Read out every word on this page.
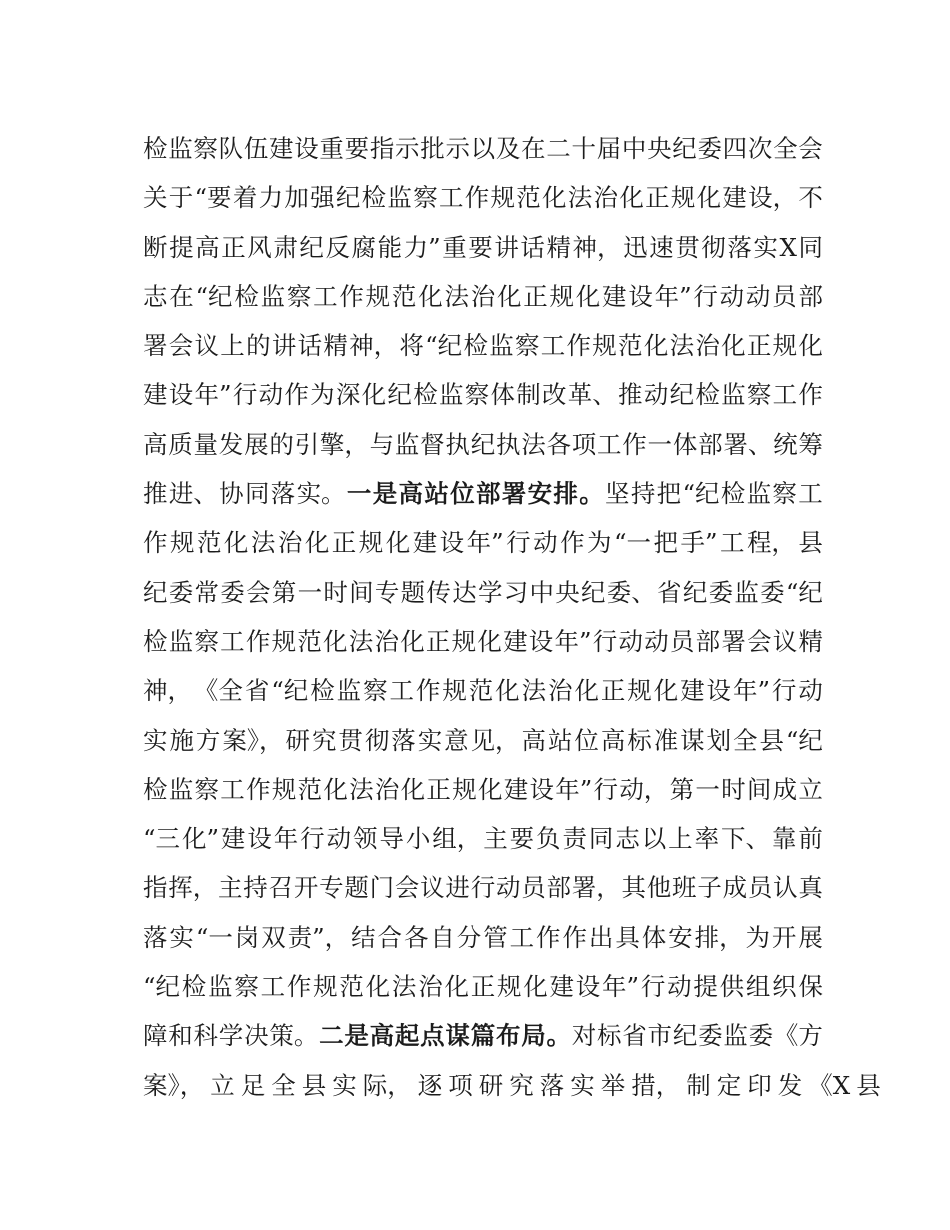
检 监 察 队 伍 建 设 重 要 指 示 批 示 以 及 在 二 十 届 中 央 纪 委 四 次 全 会
关 于 “要 着 力 加 强 纪 检 监 察 工 作 规 范 化 法 治 化 正 规 化 建 设， 不
断 提 高 正 风 肃 纪 反 腐 能 力” 重 要 讲 话 精 神， 迅 速 贯 彻 落 实 X 同
志 在 “纪 检 监 察 工 作 规 范 化 法 治 化 正 规 化 建 设 年” 行 动 动 员 部
署 会 议 上 的 讲 话 精 神， 将 “纪 检 监 察 工 作 规 范 化 法 治 化 正 规 化
建 设 年” 行 动 作 为 深 化 纪 检 监 察 体 制 改 革、 推 动 纪 检 监 察 工 作
高 质 量 发 展 的 引 擎， 与 监 督 执 纪 执 法 各 项 工 作 一 体 部 署、 统 筹
推 进、 协 同 落 实。 一 是 高 站 位 部 署 安 排 。 坚 持 把 “纪 检 监 察 工
作 规 范 化 法 治 化 正 规 化 建 设 年” 行 动 作 为 “一 把 手” 工 程， 县
纪 委 常 委 会 第 一 时 间 专 题 传 达 学 习 中 央 纪 委、 省 纪 委 监 委 “纪
检 监 察 工 作 规 范 化 法 治 化 正 规 化 建 设 年” 行 动 动 员 部 署 会 议 精
神， 《全 省 “纪 检 监 察 工 作 规 范 化 法 治 化 正 规 化 建 设 年” 行 动
实 施 方 案》， 研 究 贯 彻 落 实 意 见， 高 站 位 高 标 准 谋 划 全 县 “纪
检 监 察 工 作 规 范 化 法 治 化 正 规 化 建 设 年” 行 动， 第 一 时 间 成 立
“三 化” 建 设 年 行 动 领 导 小 组， 主 要 负 责 同 志 以 上 率 下、 靠 前
指 挥， 主 持 召 开 专 题 门 会 议 进 行 动 员 部 署， 其 他 班 子 成 员 认 真
落 实 “一 岗 双 责”， 结 合 各 自 分 管 工 作 作 出 具 体 安 排， 为 开 展
“纪 检 监 察 工 作 规 范 化 法 治 化 正 规 化 建 设 年” 行 动 提 供 组 织 保
障 和 科 学 决 策。 二 是 高 起 点 谋 篇 布 局 。 对 标 省 市 纪 委 监 委 《方
案》， 立 足 全 县 实 际， 逐 项 研 究 落 实 举 措， 制 定 印 发 《X 县
